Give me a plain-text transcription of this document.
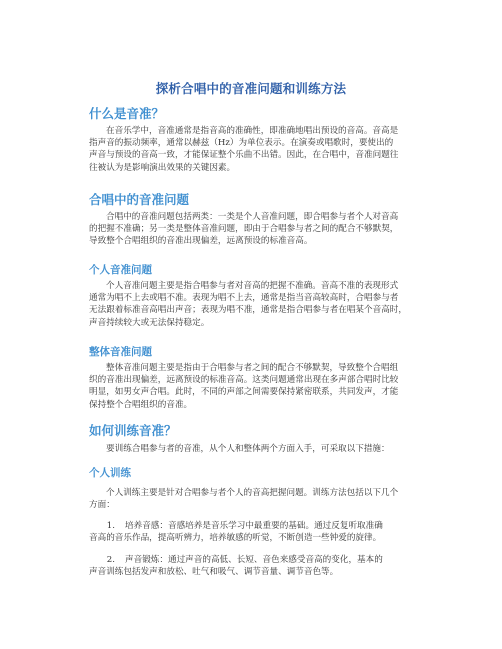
探析合唱中的音准问题和训练方法
什么是音准？
在音乐学中，音准通常是指音高的准确性，即准确地唱出预设的音高。音高是
指声音的振动频率，通常以赫兹（Hz）为单位表示。在演奏或唱歌时，要使出的
声音与预设的音高一致，才能保证整个乐曲不出错。因此，在合唱中，音准问题往
往被认为是影响演出效果的关键因素。
合唱中的音准问题
合唱中的音准问题包括两类：一类是个人音准问题，即合唱参与者个人对音高
的把握不准确；另一类是整体音准问题，即由于合唱参与者之间的配合不够默契，
导致整个合唱组织的音准出现偏差，远离预设的标准音高。
个人音准问题
个人音准问题主要是指合唱参与者对音高的把握不准确。音高不准的表现形式
通常为唱不上去或唱不准。表现为唱不上去，通常是指当音高较高时，合唱参与者
无法跟着标准音高唱出声音；表现为唱不准，通常是指合唱参与者在唱某个音高时，
声音持续较大或无法保持稳定。
整体音准问题
整体音准问题主要是指由于合唱参与者之间的配合不够默契，导致整个合唱组
织的音准出现偏差，远离预设的标准音高。这类问题通常出现在多声部合唱时比较
明显，如男女声合唱。此时，不同的声部之间需要保持紧密联系，共同发声，才能
保持整个合唱组织的音准。
如何训练音准？
要训练合唱参与者的音准，从个人和整体两个方面入手，可采取以下措施：
个人训练
个人训练主要是针对合唱参与者个人的音高把握问题。训练方法包括以下几个
方面：
1. 培养音感：音感培养是音乐学习中最重要的基础。通过反复听取准确
音高的音乐作品，提高听辨力，培养敏感的听觉，不断创造一些钟爱的旋律。
2. 声音锻炼：通过声音的高低、长短、音色来感受音高的变化，基本的
声音训练包括发声和放松、吐气和吸气、调节音量、调节音色等。
